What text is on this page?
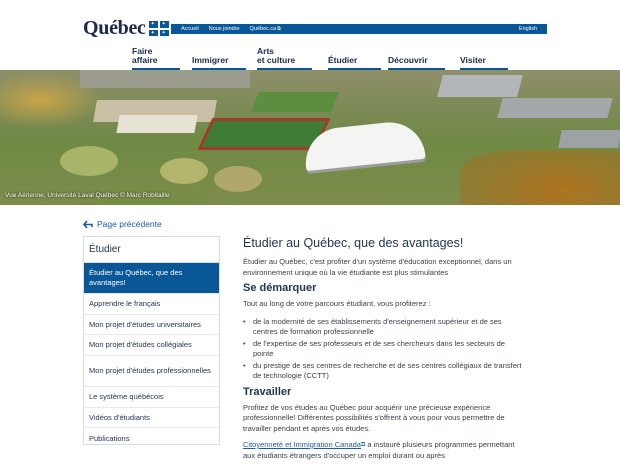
Québec ✦ ✦
✦ ✦
Accueil Nous joindre Québec.ca⧉	English
Faire
affaire	Immigrer
Arts
et culture	Étudier	Découvrir	Visiter
Vue Aérienne, Université Laval Québec © Marc Robitaille
Page précédente
Étudier
Étudier au Québec, que des avantages!
Apprendre le français
Mon projet d'études universitaires
Mon projet d'études collégiales
Mon projet d'études professionnelles
Le système québécois
Vidéos d'étudiants
Publications
Étudier au Québec, que des avantages!

Étudier au Québec, c'est profiter d'un système d'éducation exceptionnel, dans un environnement unique où la vie étudiante est plus stimulantes

Se démarquer

Tout au long de votre parcours étudiant, vous profiterez :

• de la modernité de ses établissements d'enseignement supérieur et de ses centres de formation professionnelle
• de l'expertise de ses professeurs et de ses chercheurs dans les secteurs de pointe
• du prestige de ses centres de recherche et de ses centres collégiaux de transfert de technologie (CCTT)
Travailler

Profitez de vos études au Québec pour acquérir une précieuse expérience professionnelle! Différentes possibilités s'offrent à vous pour vous permettre de travailler pendant et après vos études.

Citoyenneté et Immigration Canada⧉ a instauré plusieurs programmes permettant aux étudiants étrangers d'occuper un emploi durant ou après
